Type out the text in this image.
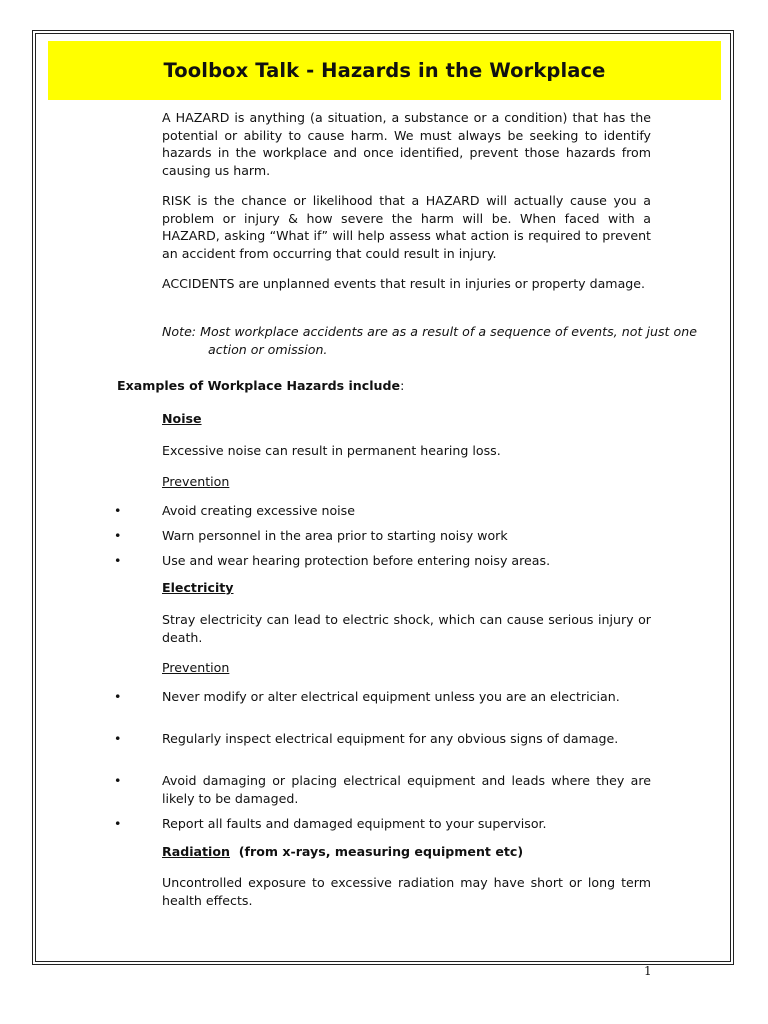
Toolbox Talk - Hazards in the Workplace

A HAZARD is anything (a situation, a substance or a condition) that has the potential or ability to cause harm. We must always be seeking to identify hazards in the workplace and once identified, prevent those hazards from causing us harm.

RISK is the chance or likelihood that a HAZARD will actually cause you a problem or injury & how severe the harm will be. When faced with a HAZARD, asking “What if” will help assess what action is required to prevent an accident from occurring that could result in injury.

ACCIDENTS are unplanned events that result in injuries or property damage.

Note: Most workplace accidents are as a result of a sequence of events, not just one action or omission.

Examples of Workplace Hazards include:

Noise

Excessive noise can result in permanent hearing loss.

Prevention

•	Avoid creating excessive noise

•	Warn personnel in the area prior to starting noisy work

•	Use and wear hearing protection before entering noisy areas.

Electricity

Stray electricity can lead to electric shock, which can cause serious injury or death.

Prevention

•	Never modify or alter electrical equipment unless you are an electrician.

•	Regularly inspect electrical equipment for any obvious signs of damage.

•	Avoid damaging or placing electrical equipment and leads where they are likely to be damaged.

•	Report all faults and damaged equipment to your supervisor.

Radiation (from x-rays, measuring equipment etc)

Uncontrolled exposure to excessive radiation may have short or long term health effects.

1
